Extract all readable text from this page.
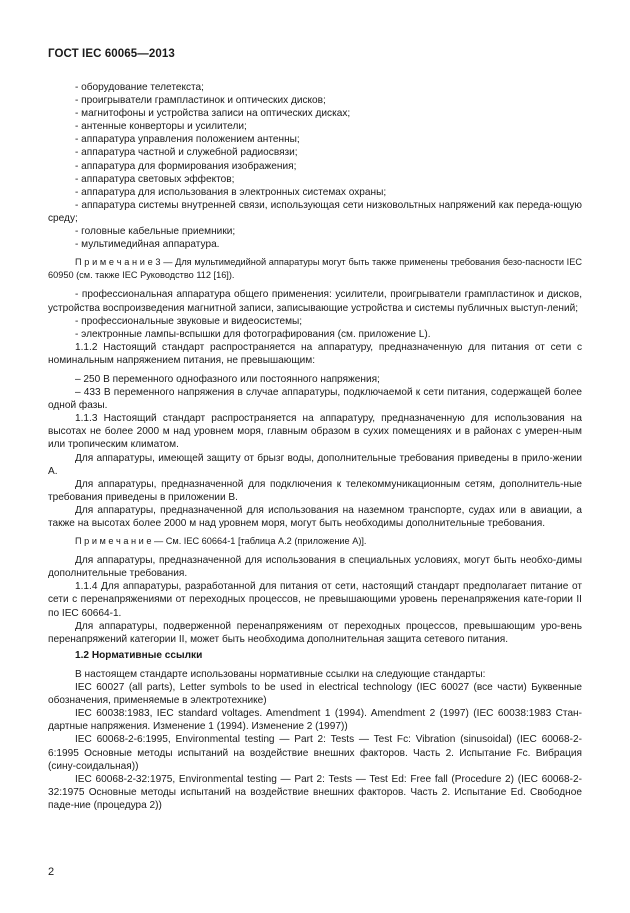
ГОСТ IEC 60065—2013

- оборудование телетекста;

- проигрыватели грампластинок и оптических дисков;

- магнитофоны и устройства записи на оптических дисках;

- антенные конверторы и усилители;

- аппаратура управления положением антенны;

- аппаратура частной и служебной радиосвязи;

- аппаратура для формирования изображения;

- аппаратура световых эффектов;

- аппаратура для использования в электронных системах охраны;

- аппаратура системы внутренней связи, использующая сети низковольтных напряжений как переда-ющую среду;

- головные кабельные приемники;

- мультимедийная аппаратура.

П р и м е ч а н и е 3 — Для мультимедийной аппаратуры могут быть также применены требования безо-пасности IEC 60950 (см. также IEC Руководство 112 [16]).

- профессиональная аппаратура общего применения: усилители, проигрыватели грампластинок и дисков, устройства воспроизведения магнитной записи, записывающие устройства и системы публичных выступ-лений;

- профессиональные звуковые и видеосистемы;

- электронные лампы-вспышки для фотографирования (см. приложение L).

1.1.2 Настоящий стандарт распространяется на аппаратуру, предназначенную для питания от сети с номинальным напряжением питания, не превышающим:

– 250 В переменного однофазного или постоянного напряжения;

– 433 В переменного напряжения в случае аппаратуры, подключаемой к сети питания, содержащей более одной фазы.

1.1.3 Настоящий стандарт распространяется на аппаратуру, предназначенную для использования на высотах не более 2000 м над уровнем моря, главным образом в сухих помещениях и в районах с умерен-ным или тропическим климатом.

Для аппаратуры, имеющей защиту от брызг воды, дополнительные требования приведены в прило-жении А.

Для аппаратуры, предназначенной для подключения к телекоммуникационным сетям, дополнитель-ные требования приведены в приложении В.

Для аппаратуры, предназначенной для использования на наземном транспорте, судах или в авиации, а также на высотах более 2000 м над уровнем моря, могут быть необходимы дополнительные требования.

П р и м е ч а н и е — См. IEC 60664-1 [таблица А.2 (приложение А)].

Для аппаратуры, предназначенной для использования в специальных условиях, могут быть необхо-димы дополнительные требования.

1.1.4 Для аппаратуры, разработанной для питания от сети, настоящий стандарт предполагает питание от сети с перенапряжениями от переходных процессов, не превышающими уровень перенапряжения кате-гории II по IEC 60664-1.

Для аппаратуры, подверженной перенапряжениям от переходных процессов, превышающим уро-вень перенапряжений категории II, может быть необходима дополнительная защита сетевого питания.

1.2 Нормативные ссылки

В настоящем стандарте использованы нормативные ссылки на следующие стандарты:

IEC 60027 (all parts), Letter symbols to be used in electrical technology (IEC 60027 (все части) Буквенные обозначения, применяемые в электротехнике)

IEC 60038:1983, IEC standard voltages. Amendment 1 (1994). Amendment 2 (1997) (IEC 60038:1983 Стан-дартные напряжения. Изменение 1 (1994). Изменение 2 (1997))

IEC 60068-2-6:1995, Environmental testing — Part 2: Tests — Test Fc: Vibration (sinusoidal) (IEC 60068-2-6:1995 Основные методы испытаний на воздействие внешних факторов. Часть 2. Испытание Fc. Вибрация (сину-соидальная))

IEC 60068-2-32:1975, Environmental testing — Part 2: Tests — Test Ed: Free fall (Procedure 2) (IEC 60068-2-32:1975 Основные методы испытаний на воздействие внешних факторов. Часть 2. Испытание Ed. Свободное паде-ние (процедура 2))

2
